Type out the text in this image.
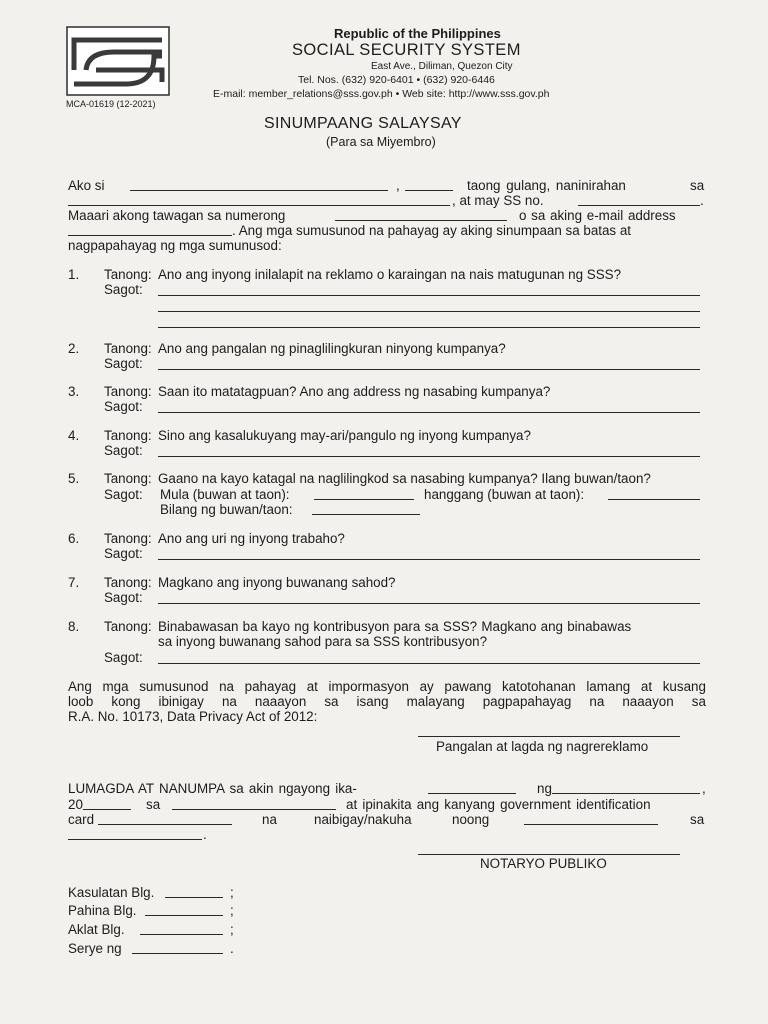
MCA-01619 (12-2021)
Republic of the Philippines
SOCIAL SECURITY SYSTEM
East Ave., Diliman, Quezon City
Tel. Nos. (632) 920-6401 • (632) 920-6446
E-mail: member_relations@sss.gov.ph • Web site: http://www.sss.gov.ph
SINUMPAANG SALAYSAY
(Para sa Miyembro)
Ako si	,	taong gulang, naninirahan	sa
, at may SS no.	.
Maaari akong tawagan sa numerong	o sa aking e-mail address
. Ang mga sumusunod na pahayag ay aking sinumpaan sa batas at
nagpapahayag ng mga sumunusod:
1. Tanong: Ano ang inyong inilalapit na reklamo o karaingan na nais matugunan ng SSS?
Sagot:
2. Tanong: Ano ang pangalan ng pinaglilingkuran ninyong kumpanya?
Sagot:
3. Tanong: Saan ito matatagpuan? Ano ang address ng nasabing kumpanya?
Sagot:
4. Tanong: Sino ang kasalukuyang may-ari/pangulo ng inyong kumpanya?
Sagot:
5. Tanong: Gaano na kayo katagal na naglilingkod sa nasabing kumpanya? Ilang buwan/taon?
Sagot: Mula (buwan at taon):	hanggang (buwan at taon):
Bilang ng buwan/taon:
6. Tanong: Ano ang uri ng inyong trabaho?
Sagot:
7. Tanong: Magkano ang inyong buwanang sahod?
Sagot:
8. Tanong: Binabawasan ba kayo ng kontribusyon para sa SSS? Magkano ang binabawas
sa inyong buwanang sahod para sa SSS kontribusyon?
Sagot:
Ang mga sumusunod na pahayag at impormasyon ay pawang katotohanan lamang at kusang
loob kong ibinigay na naaayon sa isang malayang pagpapahayag na naaayon sa
R.A. No. 10173, Data Privacy Act of 2012:
Pangalan at lagda ng nagrereklamo
LUMAGDA AT NANUMPA sa akin ngayong ika-	ng	,
20	sa	at ipinakita ang kanyang government identification
card	na	naibigay/nakuha	noong	sa
.
NOTARYO PUBLIKO
Kasulatan Blg.	;
Pahina Blg.	;
Aklat Blg.	;
Serye ng	.
